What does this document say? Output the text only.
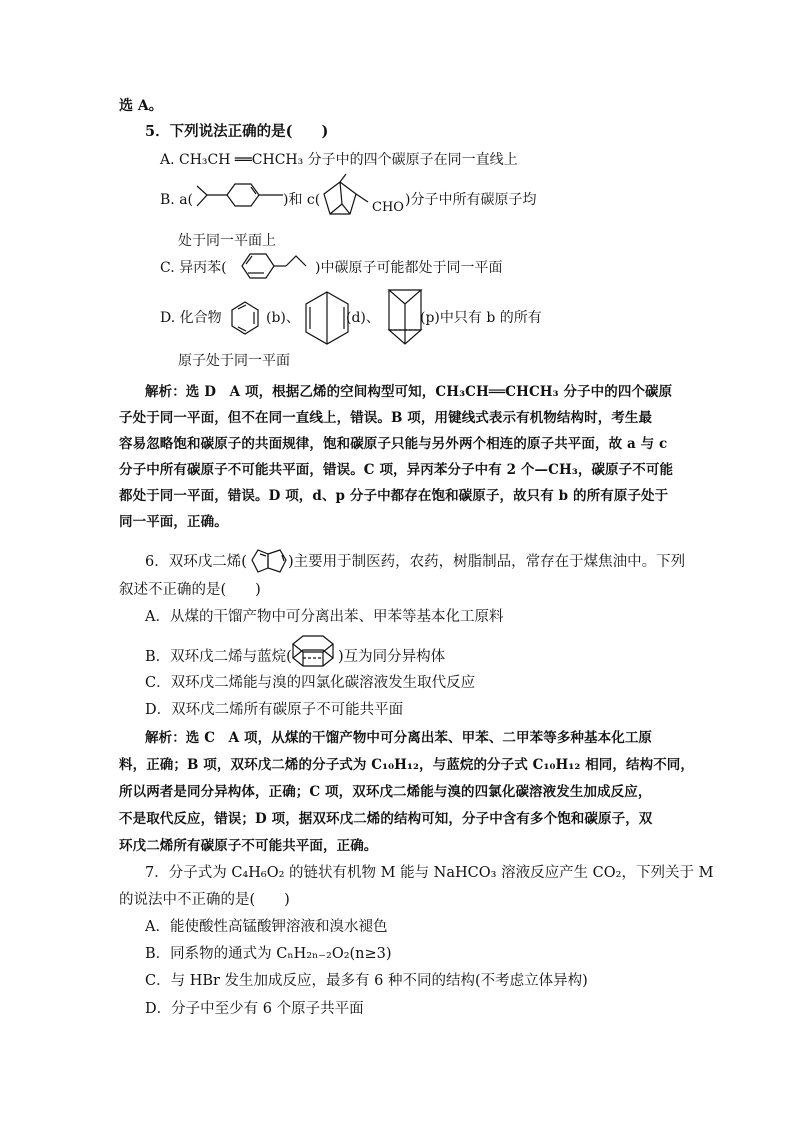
选 A。
5．下列说法正确的是(　　)
A. CH₃CH ══CHCH₃ 分子中的四个碳原子在同一直线上
B. a(	)和 c(	CHO )分子中所有碳原子均
处于同一平面上
C. 异丙苯(	)中碳原子可能都处于同一平面
D. 化合物	(b)、	(d)、	(p)中只有 b 的所有
原子处于同一平面
解析：选 D　A 项，根据乙烯的空间构型可知，CH₃CH══CHCH₃ 分子中的四个碳原
子处于同一平面，但不在同一直线上，错误。B 项，用键线式表示有机物结构时，考生最
容易忽略饱和碳原子的共面规律，饱和碳原子只能与另外两个相连的原子共平面，故 a 与 c
分子中所有碳原子不可能共平面，错误。C 项，异丙苯分子中有 2 个—CH₃，碳原子不可能
都处于同一平面，错误。D 项，d、p 分子中都存在饱和碳原子，故只有 b 的所有原子处于
同一平面，正确。
6．双环戊二烯(	)主要用于制医药，农药，树脂制品，常存在于煤焦油中。下列
叙述不正确的是(　　)
A．从煤的干馏产物中可分离出苯、甲苯等基本化工原料
B．双环戊二烯与蓝烷(	)互为同分异构体
C．双环戊二烯能与溴的四氯化碳溶液发生取代反应
D．双环戊二烯所有碳原子不可能共平面
解析：选 C　A 项，从煤的干馏产物中可分离出苯、甲苯、二甲苯等多种基本化工原
料，正确；B 项，双环戊二烯的分子式为 C₁₀H₁₂，与蓝烷的分子式 C₁₀H₁₂ 相同，结构不同，
所以两者是同分异构体，正确；C 项，双环戊二烯能与溴的四氯化碳溶液发生加成反应，
不是取代反应，错误；D 项，据双环戊二烯的结构可知，分子中含有多个饱和碳原子，双
环戊二烯所有碳原子不可能共平面，正确。
7．分子式为 C₄H₆O₂ 的链状有机物 M 能与 NaHCO₃ 溶液反应产生 CO₂，下列关于 M
的说法中不正确的是(　　)
A．能使酸性高锰酸钾溶液和溴水褪色
B．同系物的通式为 CₙH₂ₙ₋₂O₂(n≥3)
C．与 HBr 发生加成反应，最多有 6 种不同的结构(不考虑立体异构)
D．分子中至少有 6 个原子共平面
